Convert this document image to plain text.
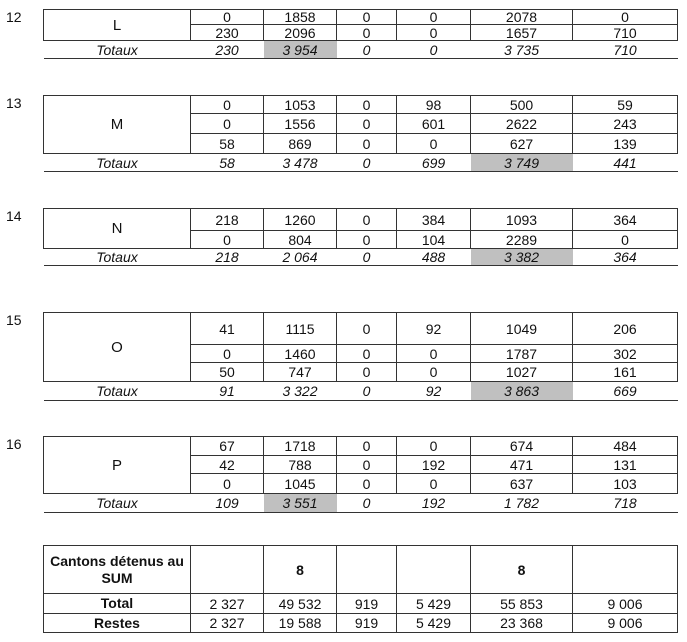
12	L	0	1858	0	0	2078	0
	230	2096	0	0	1657	710
Totaux	230	3 954	0	0	3 735	710
13
M	0	1053	0	98	500	59
	0	1556	0	601	2622	243
	58	869	0	0	627	139
Totaux	58	3 478	0	699	3 749	441
14
N	218	1260	0	384	1093	364
	0	804	0	104	2289	0
Totaux	218	2 064	0	488	3 382	364
15
O	41	1115	0	92	1049	206
	0	1460	0	0	1787	302
	50	747	0	0	1027	161
Totaux	91	3 322	0	92	3 863	669
16
P	67	1718	0	0	674	484
	42	788	0	192	471	131
	0	1045	0	0	637	103
Totaux	109	3 551	0	192	1 782	718
Cantons détenus au SUM		8			8	
Total	2 327	49 532	919	5 429	55 853	9 006
Restes	2 327	19 588	919	5 429	23 368	9 006
